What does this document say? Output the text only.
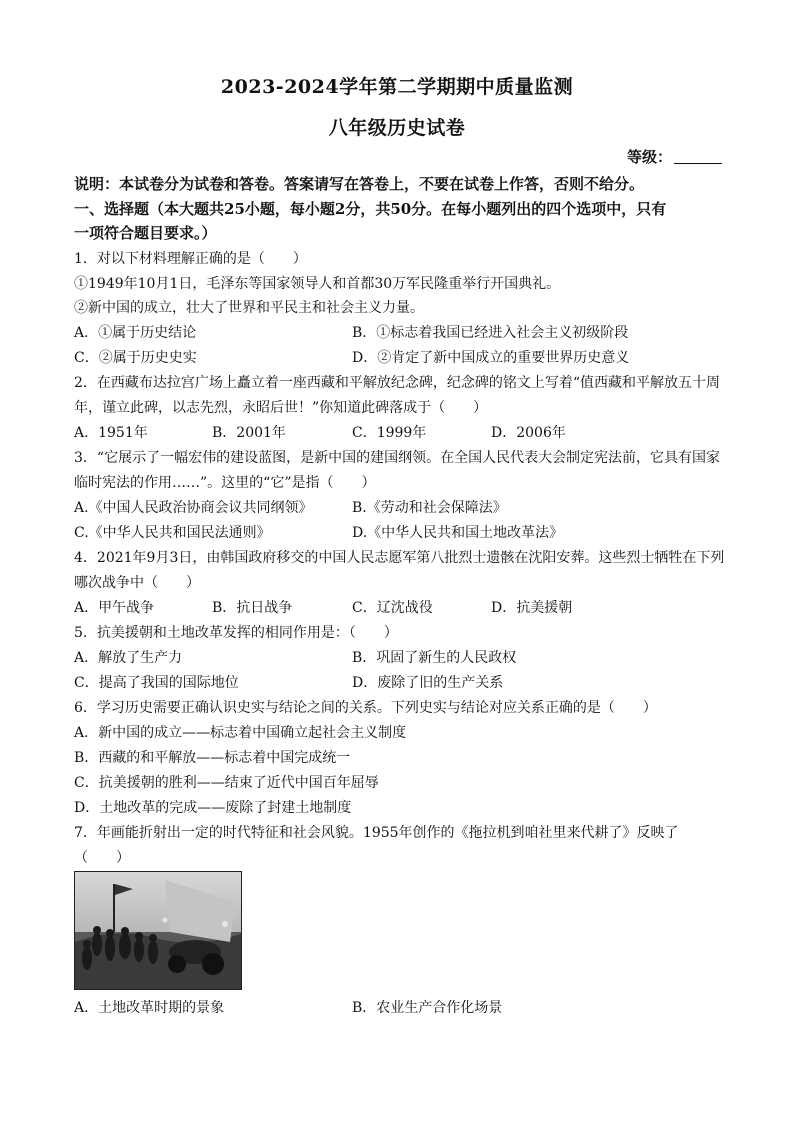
2023-2024学年第二学期期中质量监测
八年级历史试卷
等级：
说明：本试卷分为试卷和答卷。答案请写在答卷上，不要在试卷上作答，否则不给分。
一、选择题（本大题共25小题，每小题2分，共50分。在每小题列出的四个选项中，只有
一项符合题目要求。）
1．对以下材料理解正确的是（　　）
①1949年10月1日，毛泽东等国家领导人和首都30万军民隆重举行开国典礼。
②新中国的成立，壮大了世界和平民主和社会主义力量。
A．①属于历史结论	B．①标志着我国已经进入社会主义初级阶段
C．②属于历史史实	D．②肯定了新中国成立的重要世界历史意义
2．在西藏布达拉宫广场上矗立着一座西藏和平解放纪念碑，纪念碑的铭文上写着“值西藏和平解放五十周
年，谨立此碑，以志先烈，永昭后世！”你知道此碑落成于（　　）
A．1951年	B．2001年	C．1999年	D．2006年
3．“它展示了一幅宏伟的建设蓝图，是新中国的建国纲领。在全国人民代表大会制定宪法前，它具有国家
临时宪法的作用……”。这里的“它”是指（　　）
A.《中国人民政治协商会议共同纲领》	B.《劳动和社会保障法》
C.《中华人民共和国民法通则》	D.《中华人民共和国土地改革法》
4．2021年9月3日，由韩国政府移交的中国人民志愿军第八批烈士遗骸在沈阳安葬。这些烈士牺牲在下列
哪次战争中（　　）
A．甲午战争	B．抗日战争	C．辽沈战役	D．抗美援朝
5．抗美援朝和土地改革发挥的相同作用是：（　　）
A．解放了生产力	B．巩固了新生的人民政权
C．提高了我国的国际地位	D．废除了旧的生产关系
6．学习历史需要正确认识史实与结论之间的关系。下列史实与结论对应关系正确的是（　　）
A．新中国的成立——标志着中国确立起社会主义制度
B．西藏的和平解放——标志着中国完成统一
C．抗美援朝的胜利——结束了近代中国百年屈辱
D．土地改革的完成——废除了封建土地制度
7．年画能折射出一定的时代特征和社会风貌。1955年创作的《拖拉机到咱社里来代耕了》反映了
（　　）
A．土地改革时期的景象	B．农业生产合作化场景
